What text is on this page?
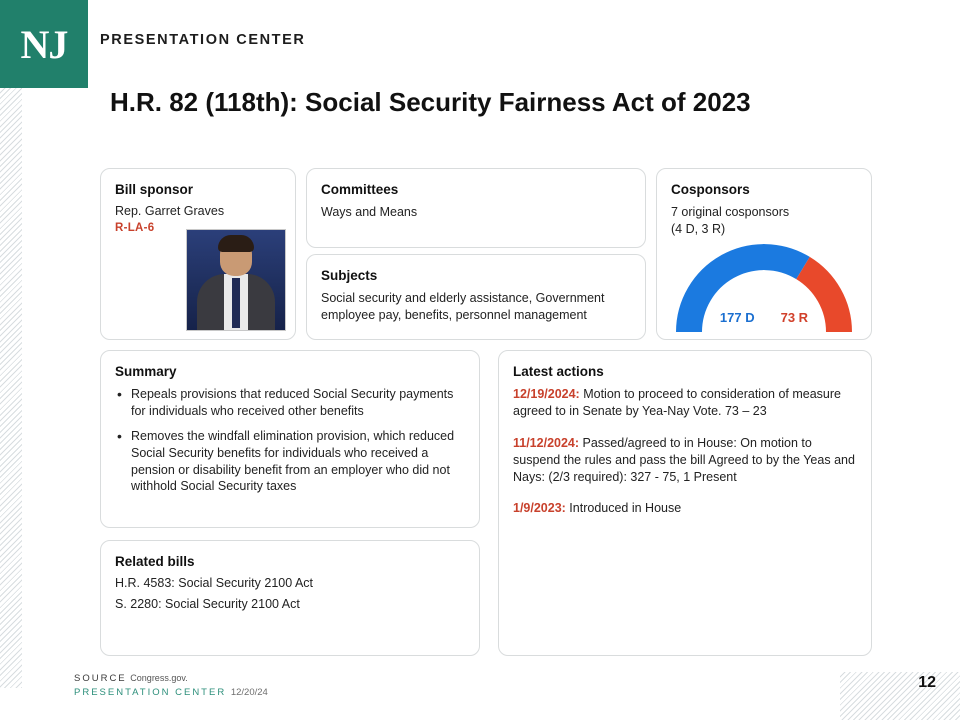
NJ	PRESENTATION CENTER
H.R. 82 (118th): Social Security Fairness Act of 2023
Bill sponsor
Rep. Garret Graves
R-LA-6
Committees
Ways and Means
Subjects
Social security and elderly assistance, Government employee pay, benefits, personnel management
Cosponsors
7 original cosponsors
(4 D, 3 R)
177 D 73 R
Summary
• Repeals provisions that reduced Social Security payments for individuals who received other benefits
• Removes the windfall elimination provision, which reduced Social Security benefits for individuals who received a pension or disability benefit from an employer who did not withhold Social Security taxes
Related bills
H.R. 4583: Social Security 2100 Act
S. 2280: Social Security 2100 Act
Latest actions
12/19/2024: Motion to proceed to consideration of measure agreed to in Senate by Yea-Nay Vote. 73 – 23
11/12/2024: Passed/agreed to in House: On motion to suspend the rules and pass the bill Agreed to by the Yeas and Nays: (2/3 required): 327 - 75, 1 Present
1/9/2023: Introduced in House
SOURCE Congress.gov.
PRESENTATION CENTER 12/20/24
12
